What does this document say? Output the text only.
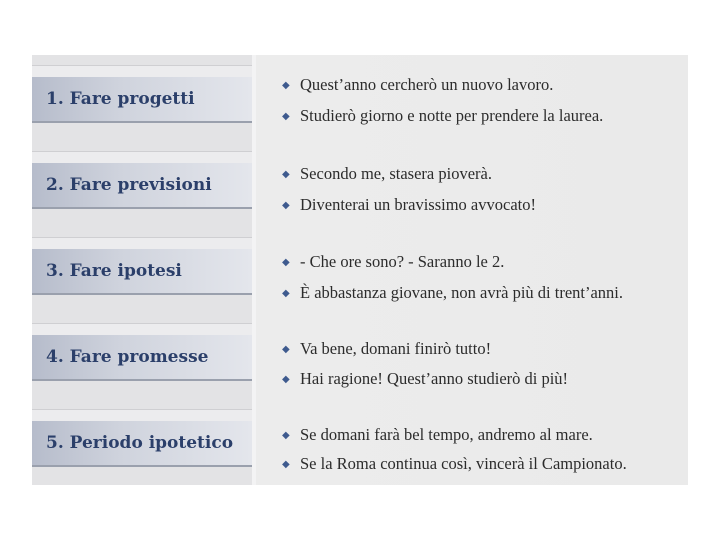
1. Fare progetti
2. Fare previsioni
3. Fare ipotesi
4. Fare promesse
5. Periodo ipotetico
◆ Quest’anno cercherò un nuovo lavoro.
◆ Studierò giorno e notte per prendere la laurea.
◆ Secondo me, stasera pioverà.
◆ Diventerai un bravissimo avvocato!
◆ - Che ore sono? - Saranno le 2.
◆ È abbastanza giovane, non avrà più di trent’anni.
◆ Va bene, domani finirò tutto!
◆ Hai ragione! Quest’anno studierò di più!
◆ Se domani farà bel tempo, andremo al mare.
◆ Se la Roma continua così, vincerà il Campionato.
